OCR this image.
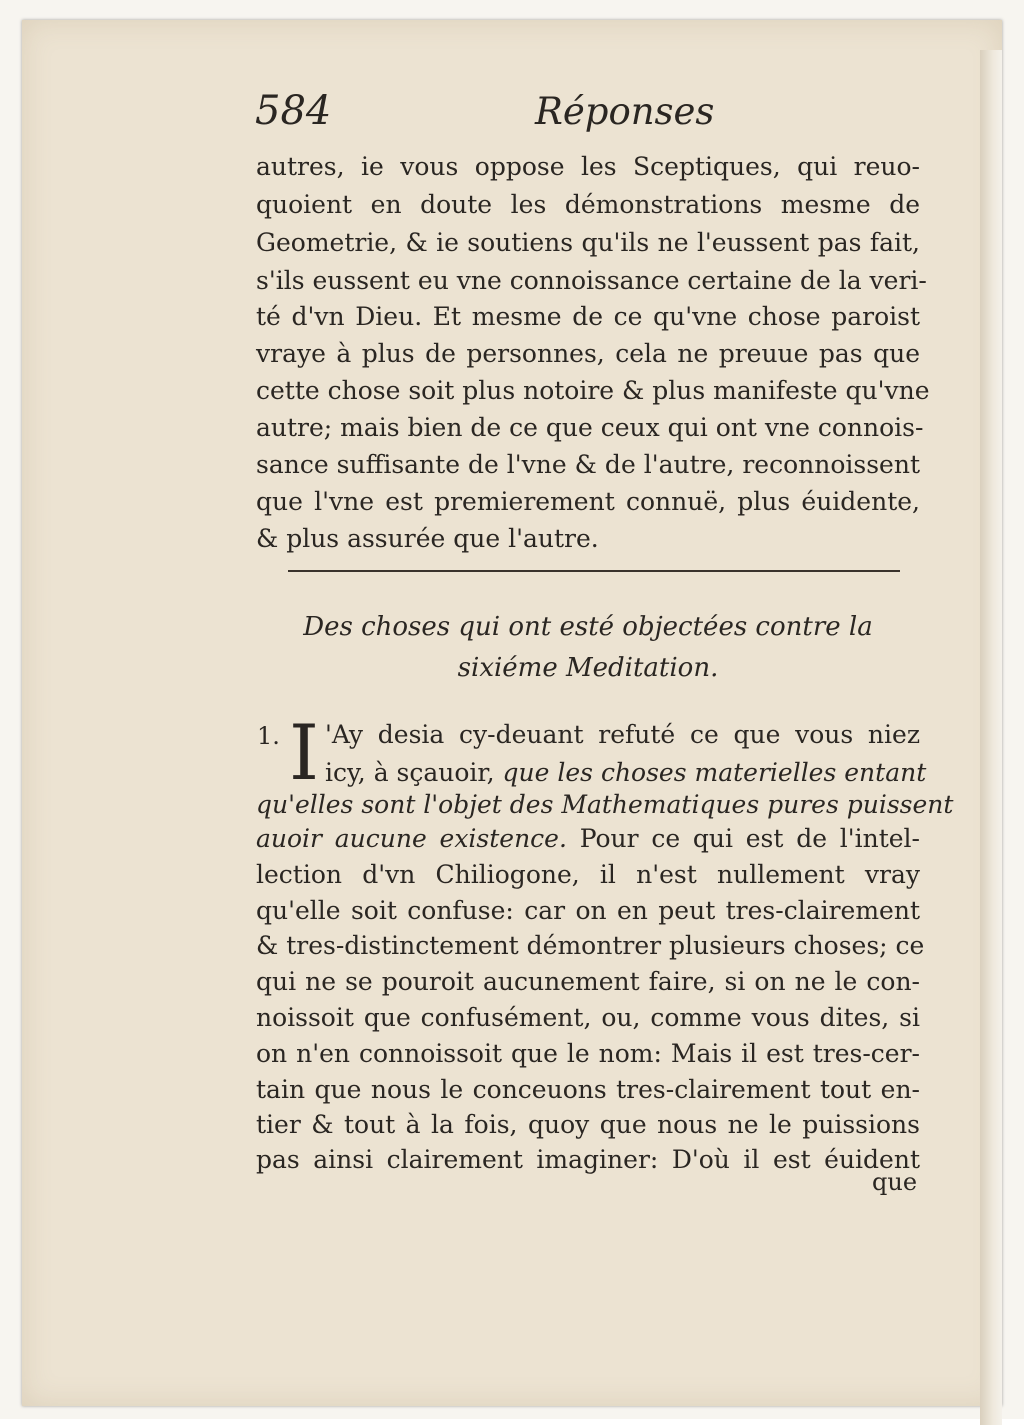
584	Réponses
autres, ie vous oppose les Sceptiques, qui reuo-
quoient en doute les démonstrations mesme de
Geometrie, & ie soutiens qu'ils ne l'eussent pas fait,
s'ils eussent eu vne connoissance certaine de la veri-
té d'vn Dieu. Et mesme de ce qu'vne chose paroist
vraye à plus de personnes, cela ne preuue pas que
cette chose soit plus notoire & plus manifeste qu'vne
autre; mais bien de ce que ceux qui ont vne connois-
sance suffisante de l'vne & de l'autre, reconnoissent
que l'vne est premierement connuë, plus éuidente,
& plus assurée que l'autre.
Des choses qui ont esté objectées contre la
sixiéme Meditation.
1. I 'Ay desia cy-deuant refuté ce que vous niez
icy, à sçauoir, que les choses materielles entant
qu'elles sont l'objet des Mathematiques pures puissent
auoir aucune existence. Pour ce qui est de l'intel-
lection d'vn Chiliogone, il n'est nullement vray
qu'elle soit confuse: car on en peut tres-clairement
& tres-distinctement démontrer plusieurs choses; ce
qui ne se pouroit aucunement faire, si on ne le con-
noissoit que confusément, ou, comme vous dites, si
on n'en connoissoit que le nom: Mais il est tres-cer-
tain que nous le conceuons tres-clairement tout en-
tier & tout à la fois, quoy que nous ne le puissions
pas ainsi clairement imaginer: D'où il est éuident
que
